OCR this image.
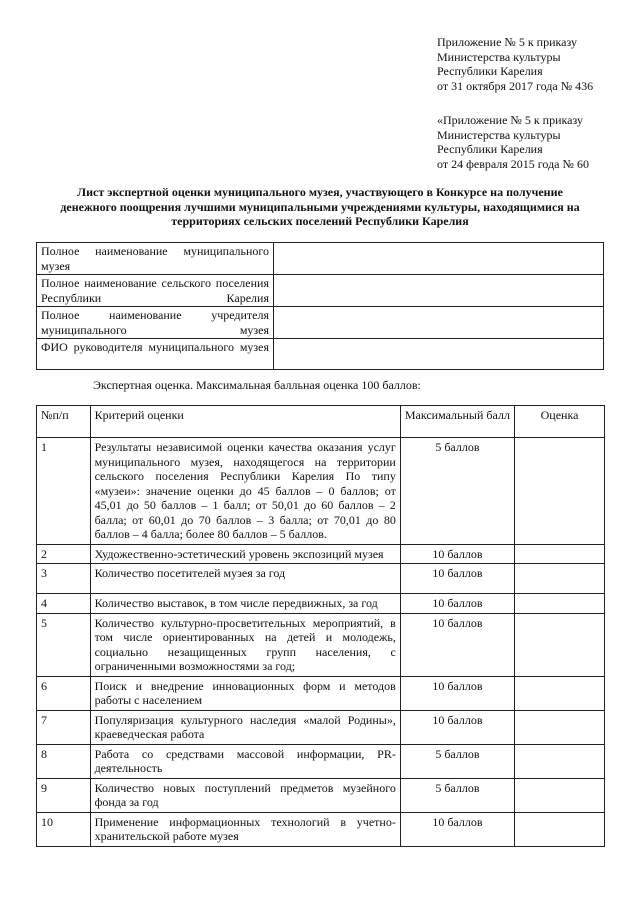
Приложение № 5 к приказу
Министерства культуры
Республики Карелия
от 31 октября 2017 года № 436
«Приложение № 5 к приказу
Министерства культуры
Республики Карелия
от 24 февраля 2015 года № 60
Лист экспертной оценки муниципального музея, участвующего в Конкурсе на получение денежного поощрения лучшими муниципальными учреждениями культуры, находящимися на территориях сельских поселений Республики Карелия
Полное наименование муниципального музея	
Полное наименование сельского поселения Республики Карелия	
Полное наименование учредителя муниципального музея	
ФИО руководителя муниципального музея	
Экспертная оценка. Максимальная балльная оценка 100 баллов:
№п/п	Критерий оценки	Максимальный балл	Оценка
1	Результаты независимой оценки качества оказания услуг муниципального музея, находящегося на территории сельского поселения Республики Карелия По типу «музеи»: значение оценки до 45 баллов – 0 баллов; от 45,01 до 50 баллов – 1 балл; от 50,01 до 60 баллов – 2 балла; от 60,01 до 70 баллов – 3 балла; от 70,01 до 80 баллов – 4 балла; более 80 баллов – 5 баллов.	5 баллов	
2	Художественно-эстетический уровень экспозиций музея	10 баллов	
3	Количество посетителей музея за год	10 баллов	
4	Количество выставок, в том числе передвижных, за год	10 баллов	
5	Количество культурно-просветительных мероприятий, в том числе ориентированных на детей и молодежь, социально незащищенных групп населения, с ограниченными возможностями за год;	10 баллов	
6	Поиск и внедрение инновационных форм и методов работы с населением	10 баллов	
7	Популяризация культурного наследия «малой Родины», краеведческая работа	10 баллов	
8	Работа со средствами массовой информации, PR-деятельность	5 баллов	
9	Количество новых поступлений предметов музейного фонда за год	5 баллов	
10	Применение информационных технологий в учетно-хранительской работе музея	10 баллов	
